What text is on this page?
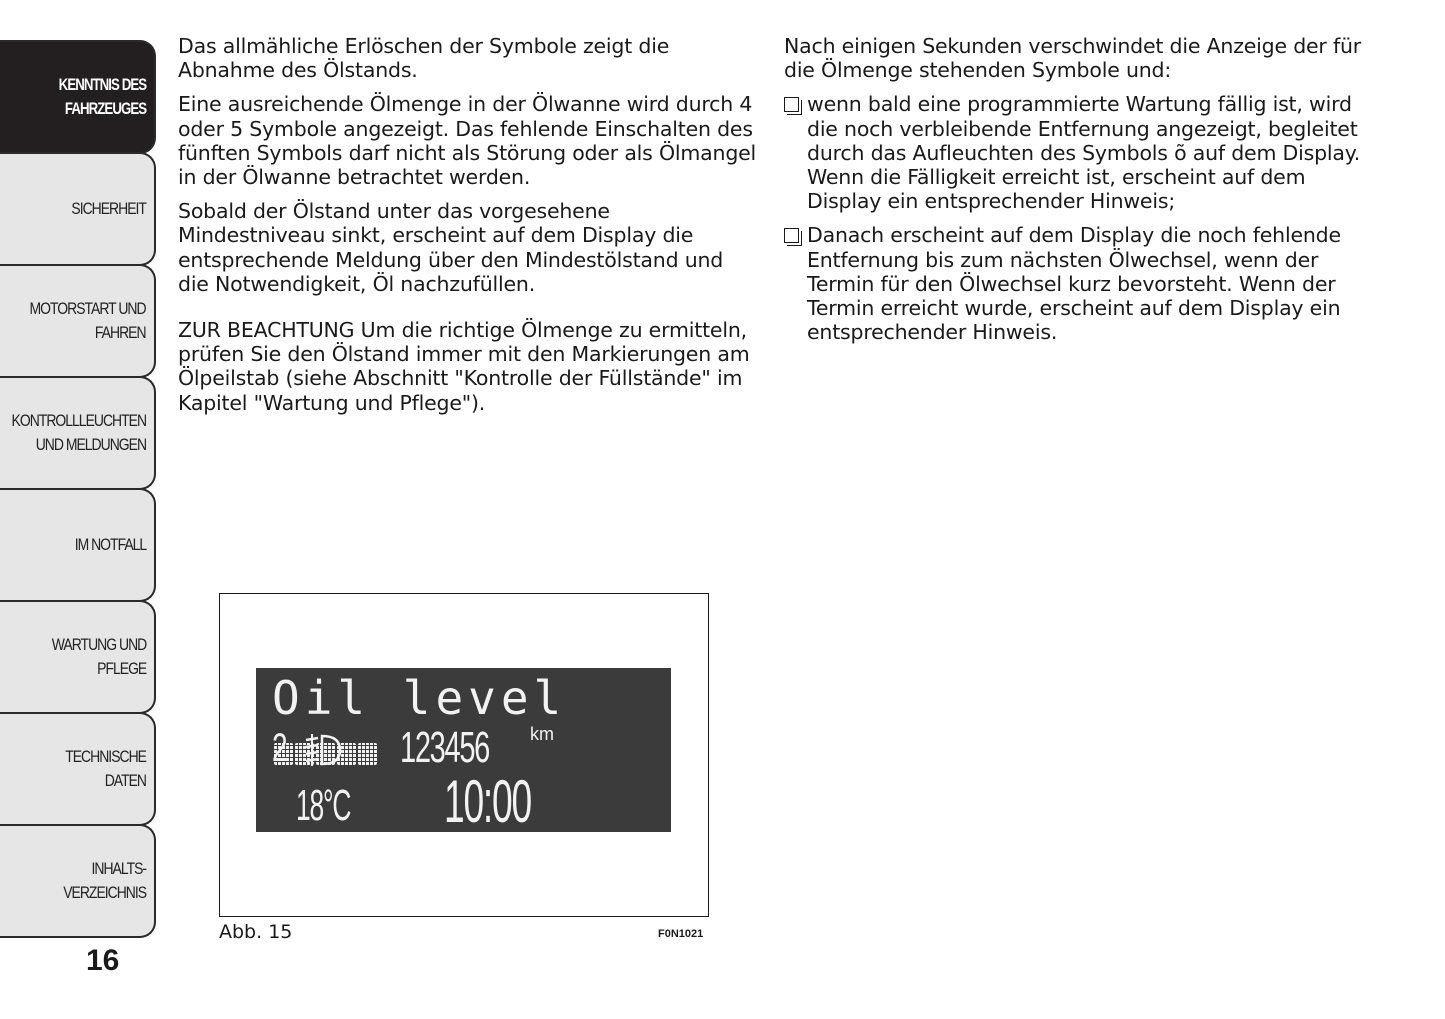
KENNTNIS DES
FAHRZEUGES
SICHERHEIT
MOTORSTART UND
FAHREN
KONTROLLLEUCHTEN
UND MELDUNGEN
IM NOTFALL
WARTUNG UND
PFLEGE
TECHNISCHE DATEN
INHALTS-
VERZEICHNIS
16

Das allmähliche Erlöschen der Symbole zeigt die Abnahme des Ölstands.

Eine ausreichende Ölmenge in der Ölwanne wird durch 4 oder 5 Symbole angezeigt. Das fehlende Einschalten des fünften Symbols darf nicht als Störung oder als Ölmangel in der Ölwanne betrachtet werden.

Sobald der Ölstand unter das vorgesehene Mindestniveau sinkt, erscheint auf dem Display die entsprechende Meldung über den Mindestölstand und die Notwendigkeit, Öl nachzufüllen.

ZUR BEACHTUNG Um die richtige Ölmenge zu ermitteln, prüfen Sie den Ölstand immer mit den Markierungen am Ölpeilstab (siehe Abschnitt "Kontrolle der Füllstände" im Kapitel "Wartung und Pflege").

Nach einigen Sekunden verschwindet die Anzeige der für die Ölmenge stehenden Symbole und:

wenn bald eine programmierte Wartung fällig ist, wird die noch verbleibende Entfernung angezeigt, begleitet durch das Aufleuchten des Symbols õ auf dem Display. Wenn die Fälligkeit erreicht ist, erscheint auf dem Display ein entsprechender Hinweis;
Danach erscheint auf dem Display die noch fehlende Entfernung bis zum nächsten Ölwechsel, wenn der Termin für den Ölwechsel kurz bevorsteht. Wenn der Termin erreicht wurde, erscheint auf dem Display ein entsprechender Hinweis.
Oil level
2	123456 km
18°C 10:00
Abb. 15	F0N1021
